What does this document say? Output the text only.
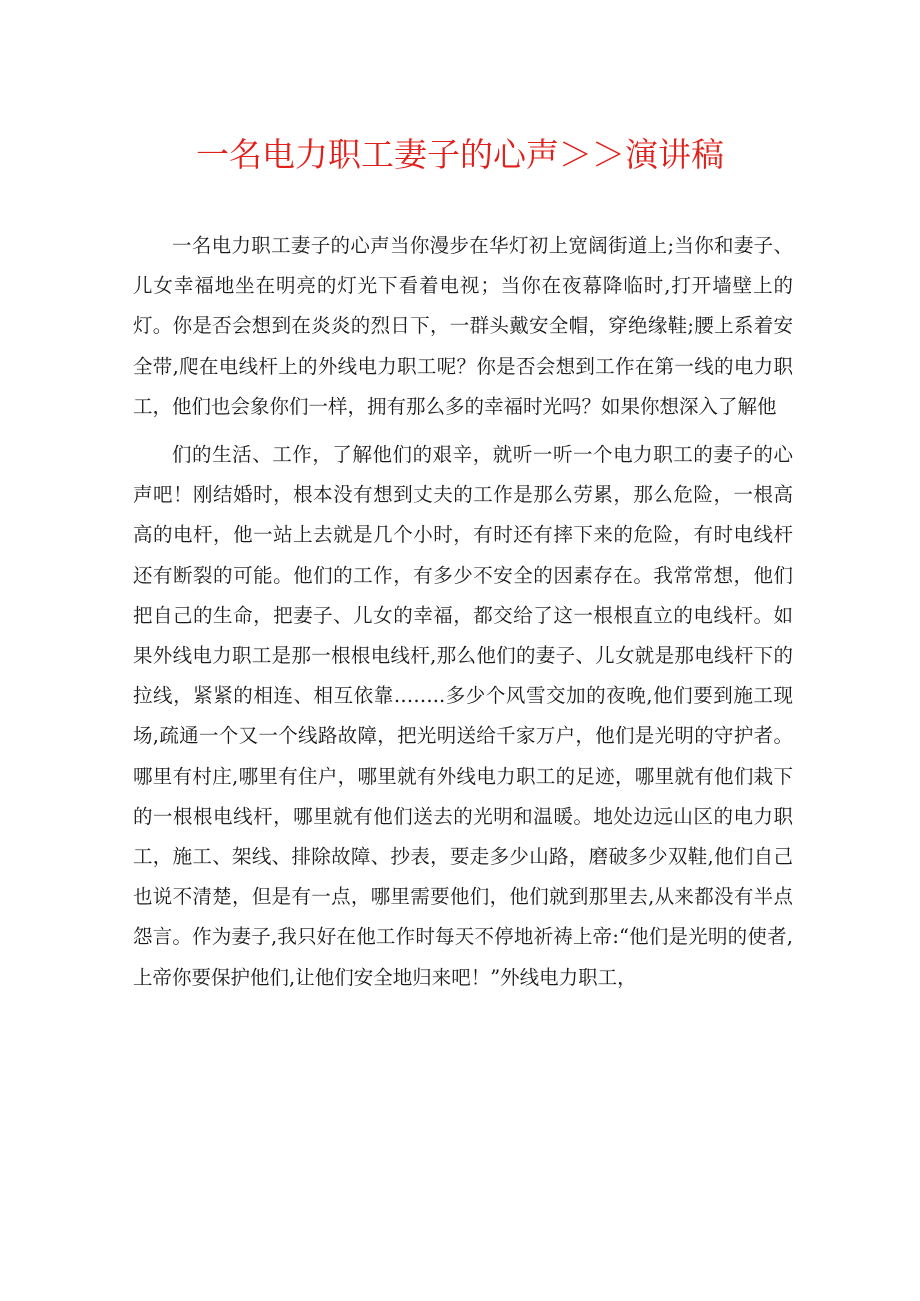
一名电力职工妻子的心声＞＞演讲稿

一名电力职工妻子的心声当你漫步在华灯初上宽阔街道上;当你和妻子、儿女幸福地坐在明亮的灯光下看着电视；当你在夜幕降临时,打开墙壁上的灯。你是否会想到在炎炎的烈日下，一群头戴安全帽，穿绝缘鞋;腰上系着安全带,爬在电线杆上的外线电力职工呢？你是否会想到工作在第一线的电力职工，他们也会象你们一样，拥有那么多的幸福时光吗？如果你想深入了解他

们的生活、工作，了解他们的艰辛，就听一听一个电力职工的妻子的心声吧！刚结婚时，根本没有想到丈夫的工作是那么劳累，那么危险，一根高高的电杆，他一站上去就是几个小时，有时还有摔下来的危险，有时电线杆还有断裂的可能。他们的工作，有多少不安全的因素存在。我常常想，他们把自己的生命，把妻子、儿女的幸福，都交给了这一根根直立的电线杆。如果外线电力职工是那一根根电线杆,那么他们的妻子、儿女就是那电线杆下的拉线，紧紧的相连、相互依靠……..多少个风雪交加的夜晚,他们要到施工现场,疏通一个又一个线路故障，把光明送给千家万户，他们是光明的守护者。哪里有村庄,哪里有住户，哪里就有外线电力职工的足迹，哪里就有他们栽下的一根根电线杆，哪里就有他们送去的光明和温暖。地处边远山区的电力职工，施工、架线、排除故障、抄表，要走多少山路，磨破多少双鞋,他们自己也说不清楚，但是有一点，哪里需要他们，他们就到那里去,从来都没有半点怨言。作为妻子,我只好在他工作时每天不停地祈祷上帝:“他们是光明的使者,上帝你要保护他们,让他们安全地归来吧！”外线电力职工，
